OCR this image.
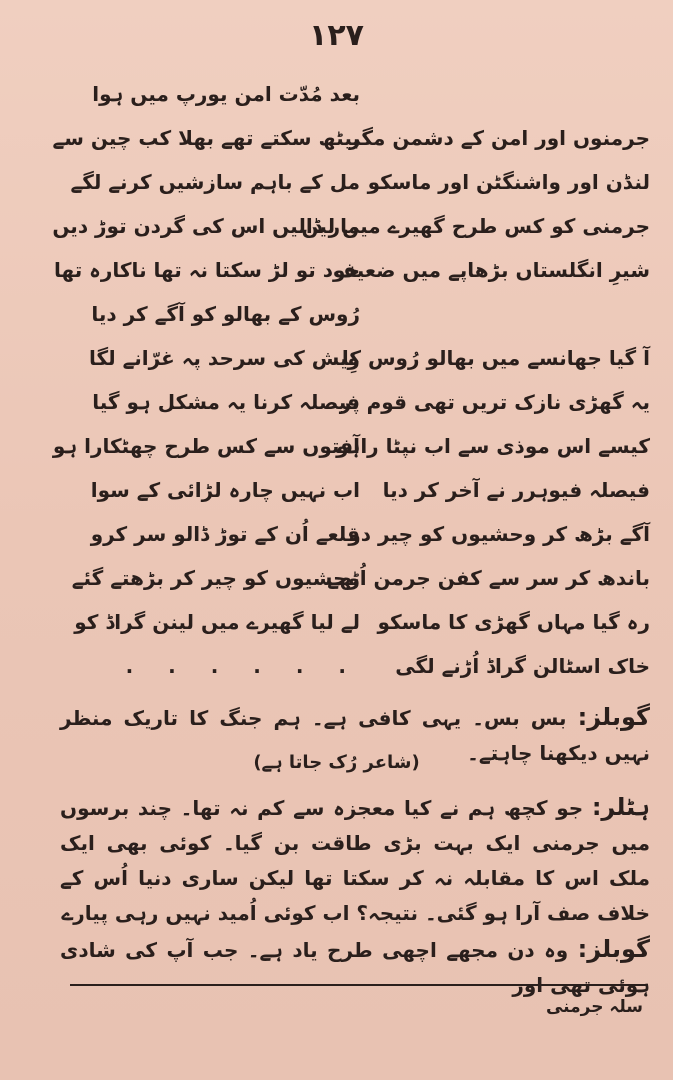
۱۲۷
بعد مُدّت امن یورپ میں ہوا
جرمنوں اور امن کے دشمن مگر
بیٹھ سکتے تھے بھلا کب چین سے
لنڈن اور واشنگٹن اور ماسکو
مل کے باہم سازشیں کرنے لگے
جرمنی کو کس طرح گھیرے میں لیں
مار ڈالیں اس کی گردن توڑ دیں
شیرِ انگلستاں بڑھاپے میں ضعیف
خود تو لڑ سکتا نہ تھا ناکارہ تھا
رُوس کے بھالو کو آگے کر دیا
آ گیا جھانسے میں بھالو رُوس کا
وِیش کی سرحد پہ غرّانے لگا
یہ گھڑی نازک تریں تھی قوم پر
فیصلہ کرنا یہ مشکل ہو گیا
کیسے اس موذی سے اب نپٹا راہو
آفتوں سے کس طرح چھٹکارا ہو
فیصلہ فیوہرر نے آخر کر دیا
اب نہیں چارہ لڑائی کے سوا
آگے بڑھ کر وحشیوں کو چیر دو
قلعے اُن کے توڑ ڈالو سر کرو
باندھ کر سر سے کفن جرمن اُٹھے
وحشیوں کو چیر کر بڑھتے گئے
رہ گیا مہاں گھڑی کا ماسکو
لے لیا گھیرے میں لینن گراڈ کو
خاک اسٹالن گراڈ اُڑنے لگی
. . . . . .
گوبلز: بس بس۔ یہی کافی ہے۔ ہم جنگ کا تاریک منظر نہیں دیکھنا چاہتے۔
(شاعر رُک جاتا ہے)
ہٹلر: جو کچھ ہم نے کیا معجزہ سے کم نہ تھا۔ چند برسوں میں جرمنی ایک بہت بڑی طاقت بن گیا۔ کوئی بھی ایک ملک اس کا مقابلہ نہ کر سکتا تھا لیکن ساری دنیا اُس کے خلاف صف آرا ہو گئی۔ نتیجہ؟ اب کوئی اُمید نہیں رہی پیارے
گوبلز: وہ دن مجھے اچھی طرح یاد ہے۔ جب آپ کی شادی ہوئی تھی اور
سلہ جرمنی
